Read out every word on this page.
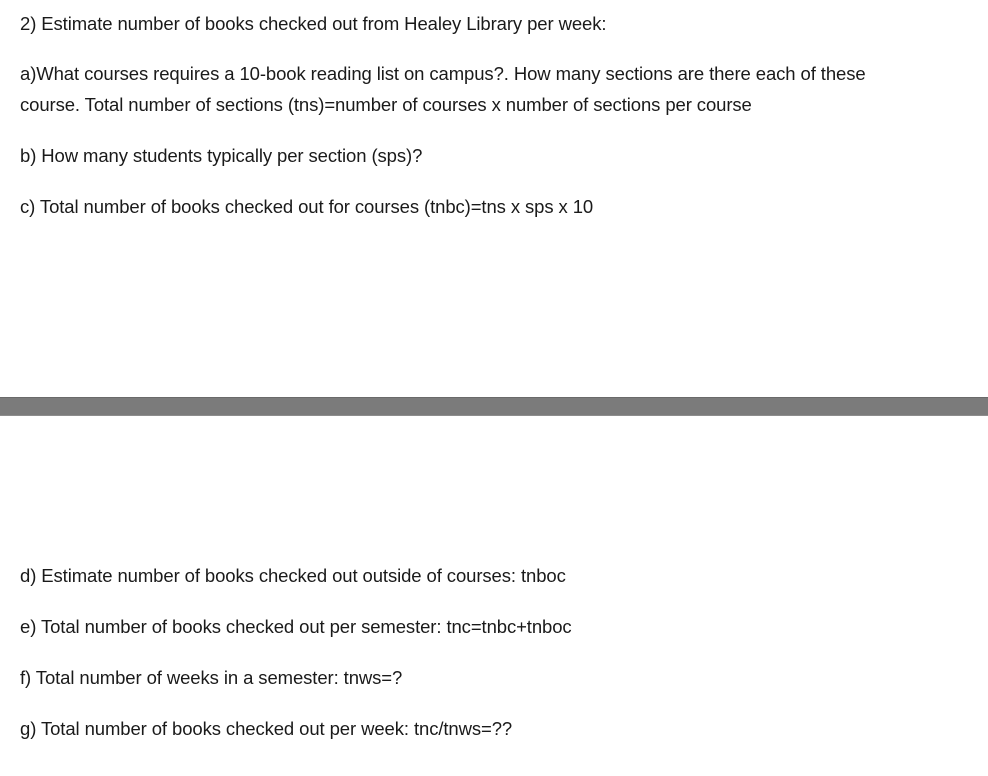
2) Estimate number of books checked out from Healey Library per week:
a)What courses requires a 10-book reading list on campus?. How many sections are there each of these
course. Total number of sections (tns)=number of courses x number of sections per course
b) How many students typically per section (sps)?
c) Total number of books checked out for courses (tnbc)=tns x sps x 10
d) Estimate number of books checked out outside of courses: tnboc
e) Total number of books checked out per semester: tnc=tnbc+tnboc
f) Total number of weeks in a semester: tnws=?
g) Total number of books checked out per week: tnc/tnws=??
